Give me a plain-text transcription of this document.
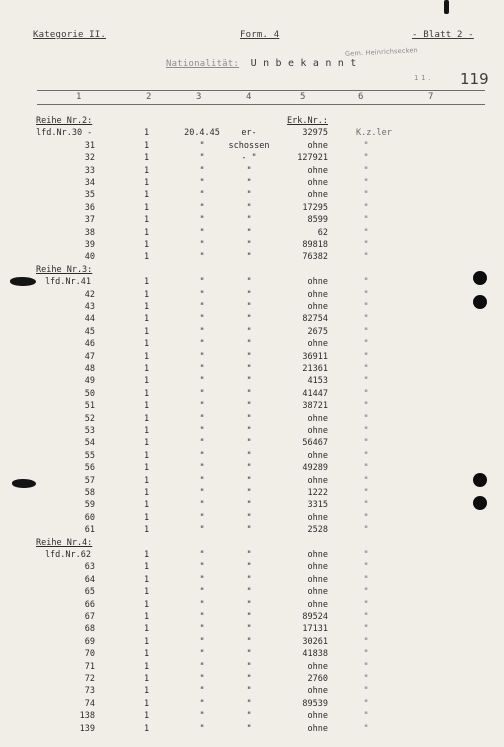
Kategorie II.	Form. 4	- Blatt 2 -
Gem. Heinrichsecken
Nationalität: U n b e k a n n t
1 1 . 119
1	2	3	4	5	6	7
Reihe Nr.2:	Erk.Nr.:
lfd.Nr.30 -	1	20.4.45	er-	32975	K.z.ler
31	1	"	schossen	ohne	"
32	1	"	- "	127921	"
33	1	"	"	ohne	"
34	1	"	"	ohne	"
35	1	"	"	ohne	"
36	1	"	"	17295	"
37	1	"	"	8599	"
38	1	"	"	62	"
39	1	"	"	89818	"
40	1	"	"	76382	"
Reihe Nr.3:
lfd.Nr.41	1	"	"	ohne	"
42	1	"	"	ohne	"
43	1	"	"	ohne	"
44	1	"	"	82754	"
45	1	"	"	2675	"
46	1	"	"	ohne	"
47	1	"	"	36911	"
48	1	"	"	21361	"
49	1	"	"	4153	"
50	1	"	"	41447	"
51	1	"	"	38721	"
52	1	"	"	ohne	"
53	1	"	"	ohne	"
54	1	"	"	56467	"
55	1	"	"	ohne	"
56	1	"	"	49289	"
57	1	"	"	ohne	"
58	1	"	"	1222	"
59	1	"	"	3315	"
60	1	"	"	ohne	"
61	1	"	"	2528	"
Reihe Nr.4:
lfd.Nr.62	1	"	"	ohne	"
63	1	"	"	ohne	"
64	1	"	"	ohne	"
65	1	"	"	ohne	"
66	1	"	"	ohne	"
67	1	"	"	89524	"
68	1	"	"	17131	"
69	1	"	"	30261	"
70	1	"	"	41838	"
71	1	"	"	ohne	"
72	1	"	"	2760	"
73	1	"	"	ohne	"
74	1	"	"	89539	"
138	1	"	"	ohne	"
139	1	"	"	ohne	"
